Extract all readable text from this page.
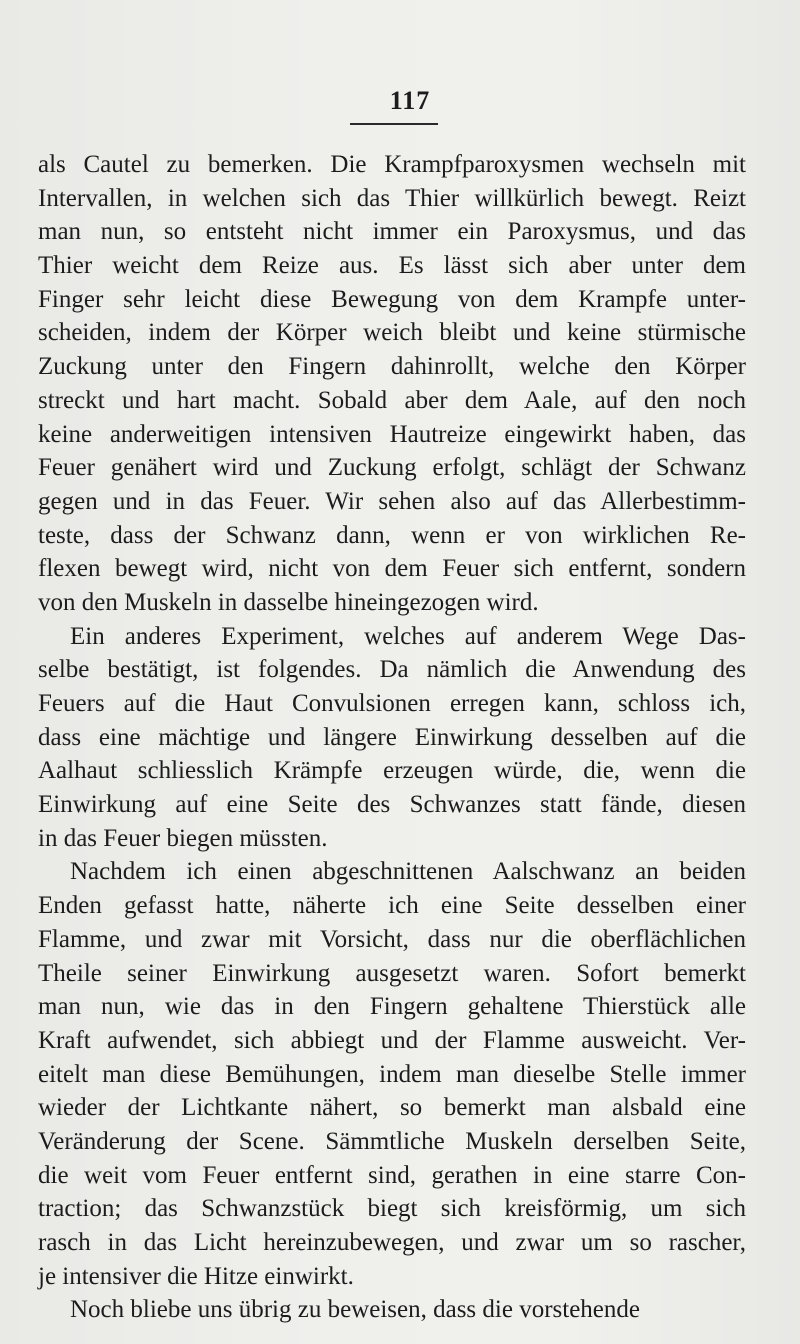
117
als Cautel zu bemerken. Die Krampfparoxysmen wechseln mit
Intervallen, in welchen sich das Thier willkürlich bewegt. Reizt
man nun, so entsteht nicht immer ein Paroxysmus, und das
Thier weicht dem Reize aus. Es lässt sich aber unter dem
Finger sehr leicht diese Bewegung von dem Krampfe unter-
scheiden, indem der Körper weich bleibt und keine stürmische
Zuckung unter den Fingern dahinrollt, welche den Körper
streckt und hart macht. Sobald aber dem Aale, auf den noch
keine anderweitigen intensiven Hautreize eingewirkt haben, das
Feuer genähert wird und Zuckung erfolgt, schlägt der Schwanz
gegen und in das Feuer. Wir sehen also auf das Allerbestimm-
teste, dass der Schwanz dann, wenn er von wirklichen Re-
flexen bewegt wird, nicht von dem Feuer sich entfernt, sondern
von den Muskeln in dasselbe hineingezogen wird.
Ein anderes Experiment, welches auf anderem Wege Das-
selbe bestätigt, ist folgendes. Da nämlich die Anwendung des
Feuers auf die Haut Convulsionen erregen kann, schloss ich,
dass eine mächtige und längere Einwirkung desselben auf die
Aalhaut schliesslich Krämpfe erzeugen würde, die, wenn die
Einwirkung auf eine Seite des Schwanzes statt fände, diesen
in das Feuer biegen müssten.
Nachdem ich einen abgeschnittenen Aalschwanz an beiden
Enden gefasst hatte, näherte ich eine Seite desselben einer
Flamme, und zwar mit Vorsicht, dass nur die oberflächlichen
Theile seiner Einwirkung ausgesetzt waren. Sofort bemerkt
man nun, wie das in den Fingern gehaltene Thierstück alle
Kraft aufwendet, sich abbiegt und der Flamme ausweicht. Ver-
eitelt man diese Bemühungen, indem man dieselbe Stelle immer
wieder der Lichtkante nähert, so bemerkt man alsbald eine
Veränderung der Scene. Sämmtliche Muskeln derselben Seite,
die weit vom Feuer entfernt sind, gerathen in eine starre Con-
traction; das Schwanzstück biegt sich kreisförmig, um sich
rasch in das Licht hereinzubewegen, und zwar um so rascher,
je intensiver die Hitze einwirkt.
Noch bliebe uns übrig zu beweisen, dass die vorstehende
